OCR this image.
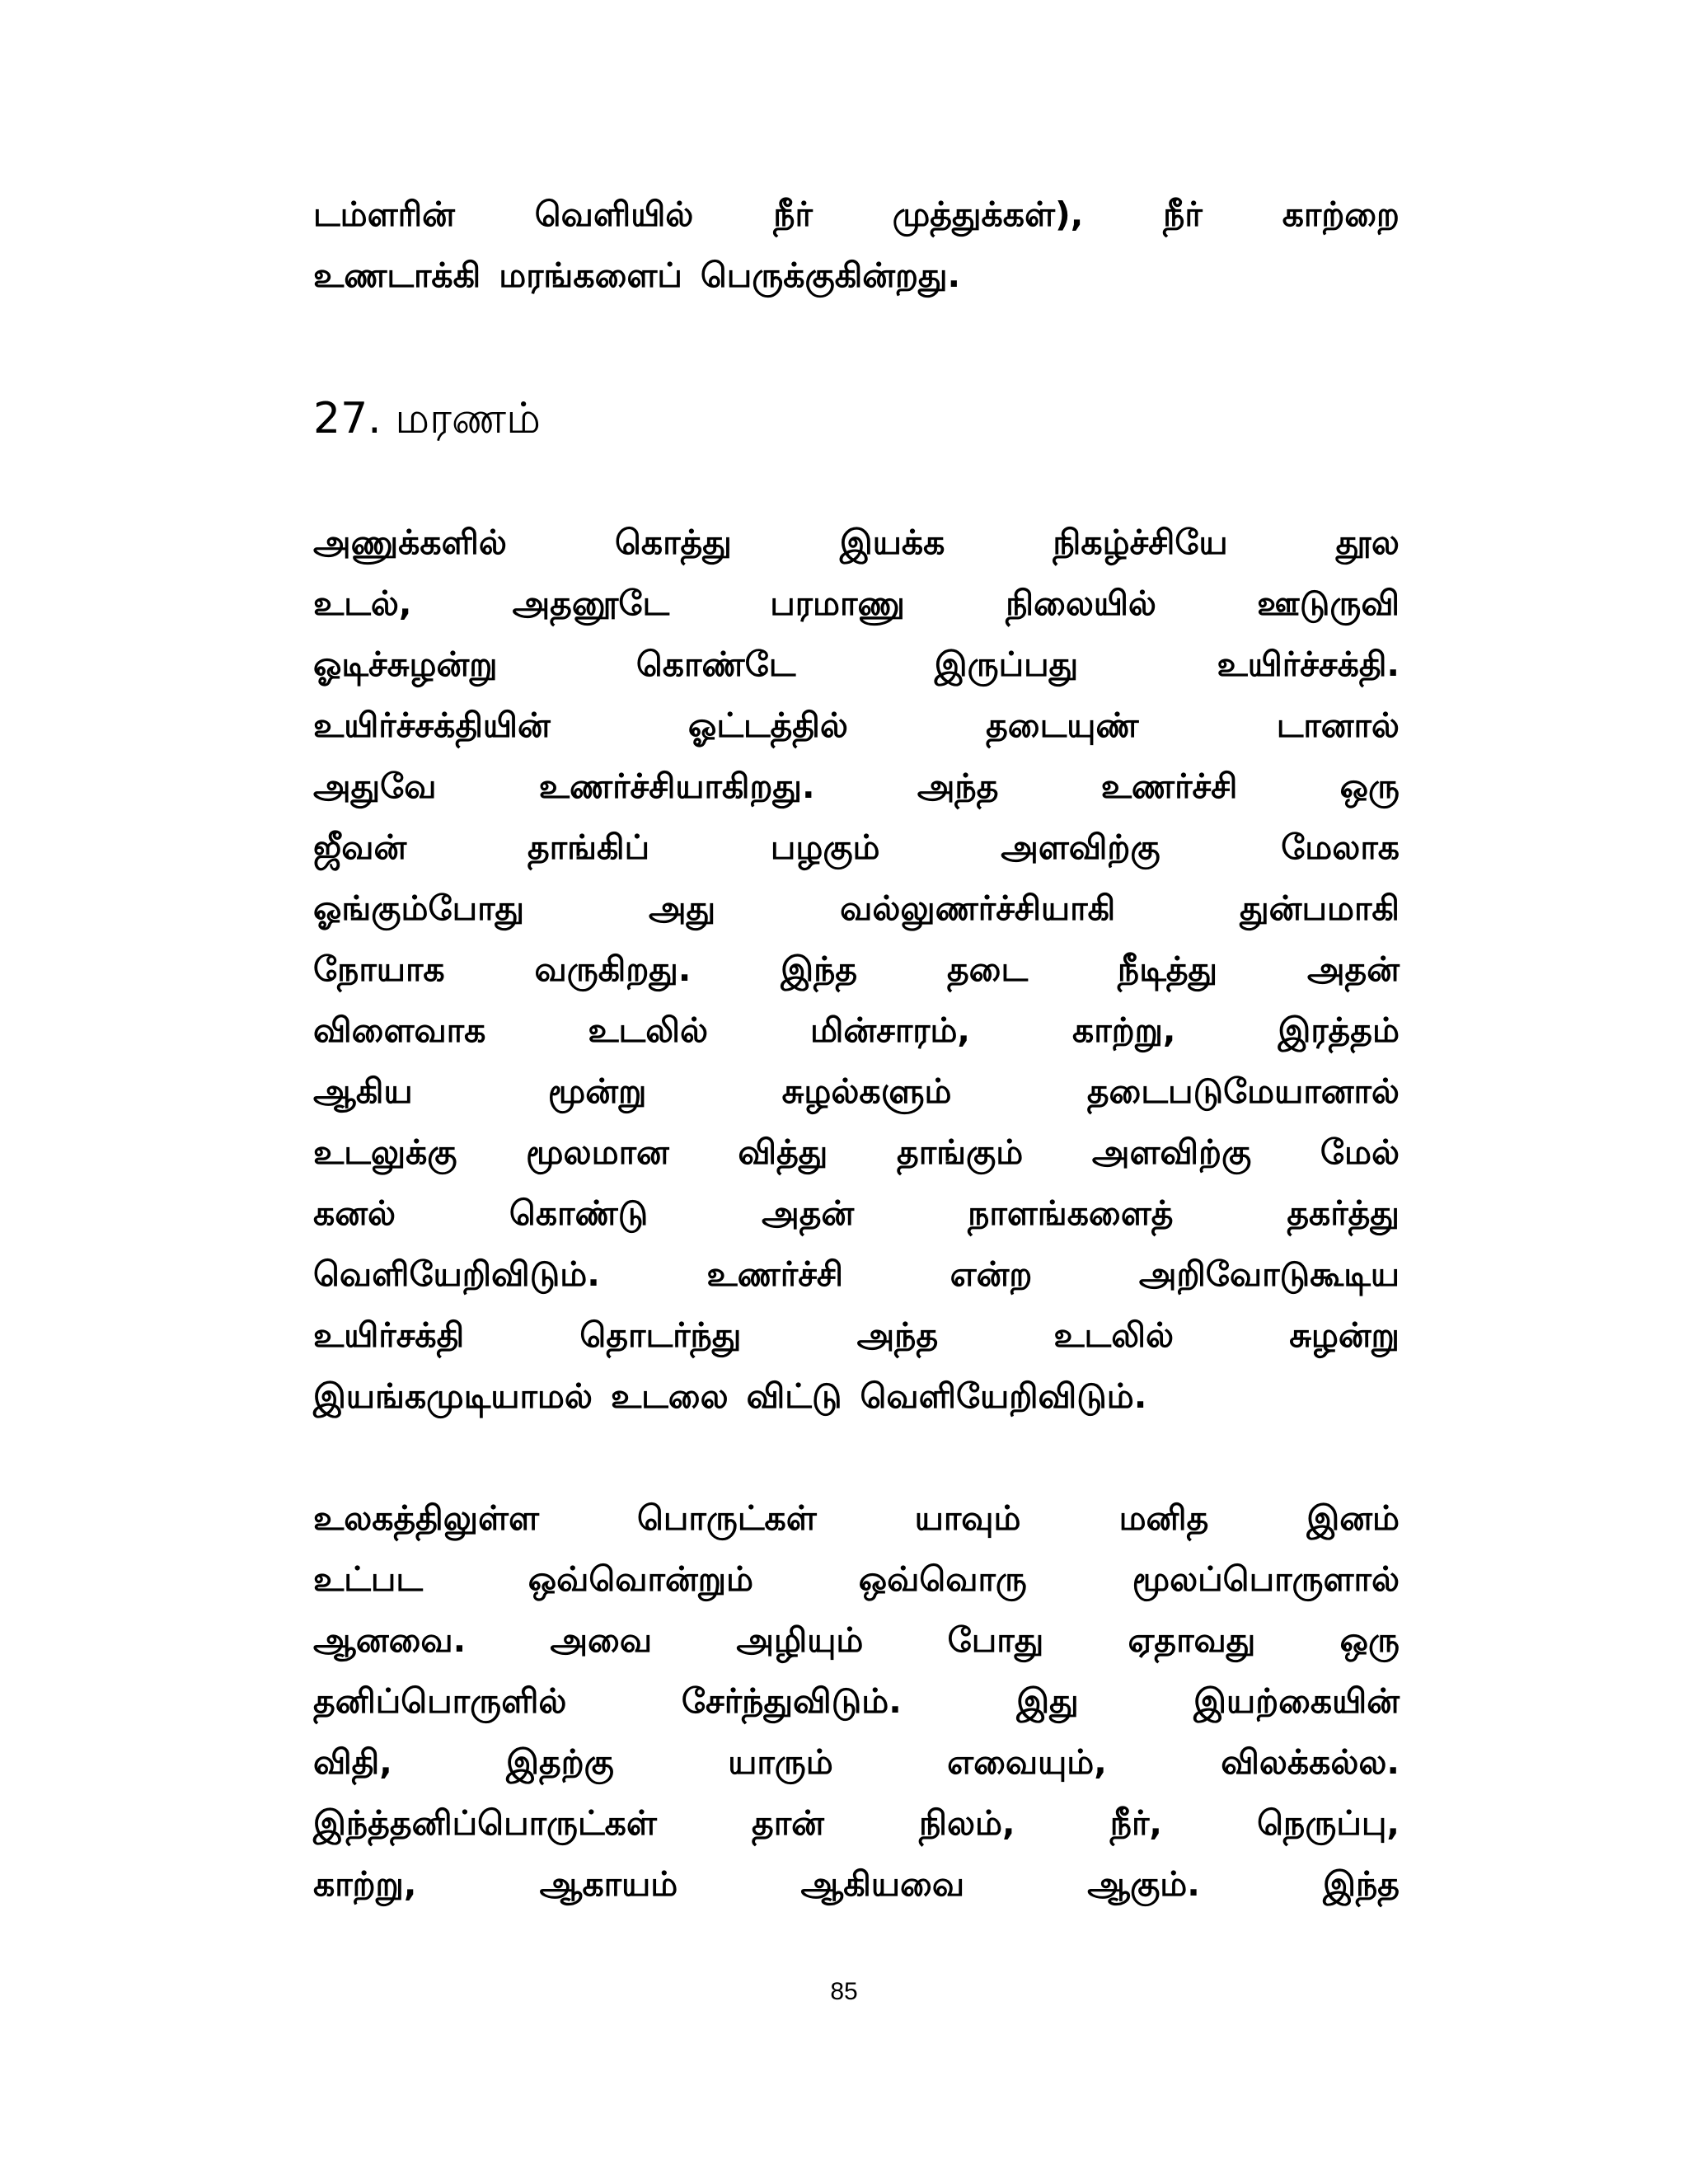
டம்ளரின் வெளியில் நீர் முத்துக்கள்), நீர் காற்றை
உணடாக்கி மரங்களைப் பெருக்குகின்றது.
27. மரணம்
அணுக்களில்	கொத்து	இயக்க	நிகழ்ச்சியே	தூல
உடல்,	அதனூடே	பரமாணு	நிலையில்	ஊடுருவி
ஓடிச்சுழன்று	கொண்டே	இருப்பது	உயிர்ச்சக்தி.
உயிர்ச்சக்தியின்	ஓட்டத்தில்	தடையுண்	டானால்
அதுவே	உணர்ச்சியாகிறது.	அந்த	உணர்ச்சி	ஒரு
ஜீவன்	தாங்கிப்	பழகும்	அளவிற்கு	மேலாக
ஓங்கும்போது	அது	வல்லுணர்ச்சியாகி	துன்பமாகி
நோயாக	வருகிறது.	இந்த	தடை	நீடித்து	அதன்
விளைவாக	உடலில்	மின்சாரம்,	காற்று,	இரத்தம்
ஆகிய	மூன்று	சுழல்களும்	தடைபடுமேயானால்
உடலுக்கு மூலமான வித்து தாங்கும் அளவிற்கு மேல்
கனல்	கொண்டு	அதன்	நாளங்களைத்	தகர்த்து
வெளியேறிவிடும்.	உணர்ச்சி	என்ற	அறிவோடுகூடிய
உயிர்சக்தி	தொடர்ந்து	அந்த	உடலில்	சுழன்று
இயங்கமுடியாமல் உடலை விட்டு வெளியேறிவிடும்.
உலகத்திலுள்ள	பொருட்கள்	யாவும்	மனித	இனம்
உட்பட	ஒவ்வொன்றும்	ஒவ்வொரு	மூலப்பொருளால்
ஆனவை. அவை அழியும் போது ஏதாவது ஒரு
தனிப்பொருளில்	சேர்ந்துவிடும்.	இது	இயற்கையின்
விதி,	இதற்கு	யாரும்	எவையும்,	விலக்கல்ல.
இந்த்தனிப்பொருட்கள்	தான்	நிலம்,	நீர்,	நெருப்பு,
காற்று,	ஆகாயம்	ஆகியவை	ஆகும்.	இந்த
85
